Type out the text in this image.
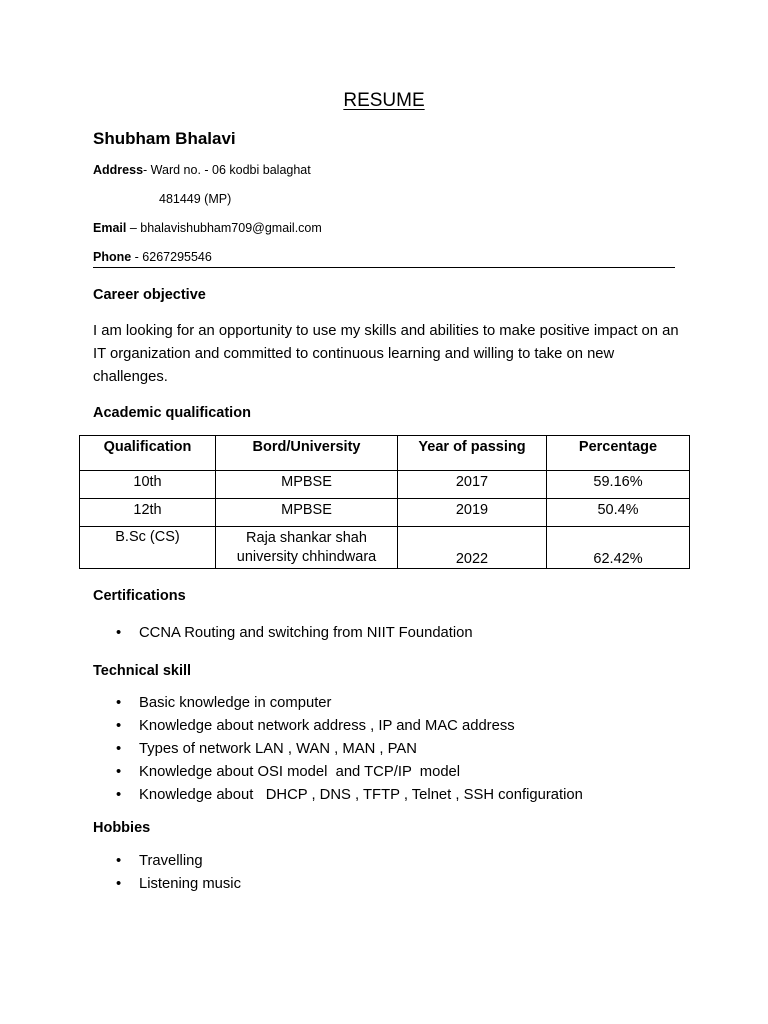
RESUME
Shubham Bhalavi
Address- Ward no. - 06 kodbi balaghat
481449 (MP)
Email – bhalavishubham709@gmail.com
Phone - 6267295546
Career objective
I am looking for an opportunity to use my skills and abilities to make positive impact on an IT organization and committed to continuous learning and willing to take on new challenges.
Academic qualification
Qualification	Bord/University	Year of passing	Percentage
10th	MPBSE	2017	59.16%
12th	MPBSE	2019	50.4%
B.Sc (CS)	Raja shankar shah university chhindwara	2022	62.42%
Certifications
• CCNA Routing and switching from NIIT Foundation
Technical skill
• Basic knowledge in computer
• Knowledge about network address , IP and MAC address
• Types of network LAN , WAN , MAN , PAN
• Knowledge about OSI model  and TCP/IP  model
• Knowledge about   DHCP , DNS , TFTP , Telnet , SSH configuration
Hobbies
• Travelling
• Listening music
